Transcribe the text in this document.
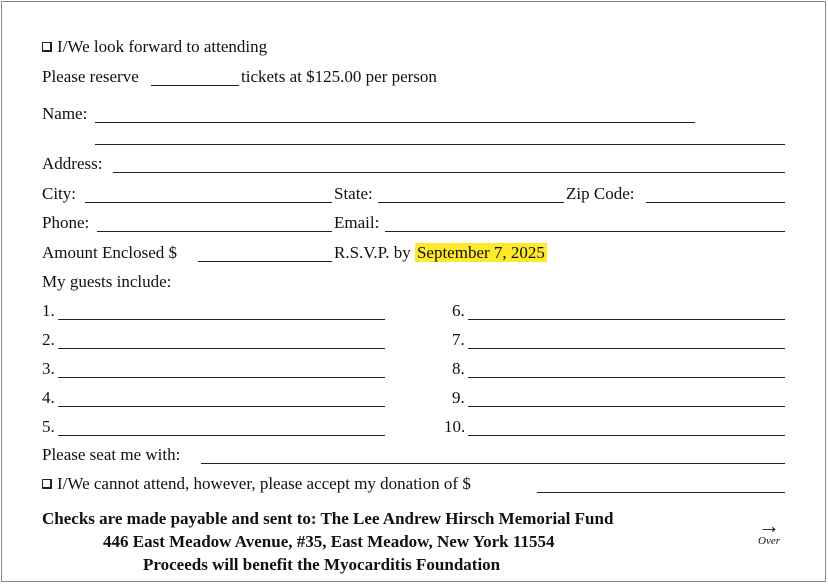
I/We look forward to attending
Please reserve	tickets at $125.00 per person
Name:
Address:
City:	State:	Zip Code:
Phone:	Email:
Amount Enclosed $	R.S.V.P. by September 7, 2025
My guests include:
1.
2.
3.
4.
5.
6.
7.
8.
9.
10.
Please seat me with:
I/We cannot attend, however, please accept my donation of $
Checks are made payable and sent to: The Lee Andrew Hirsch Memorial Fund
446 East Meadow Avenue, #35, East Meadow, New York 11554
Proceeds will benefit the Myocarditis Foundation
→
Over
